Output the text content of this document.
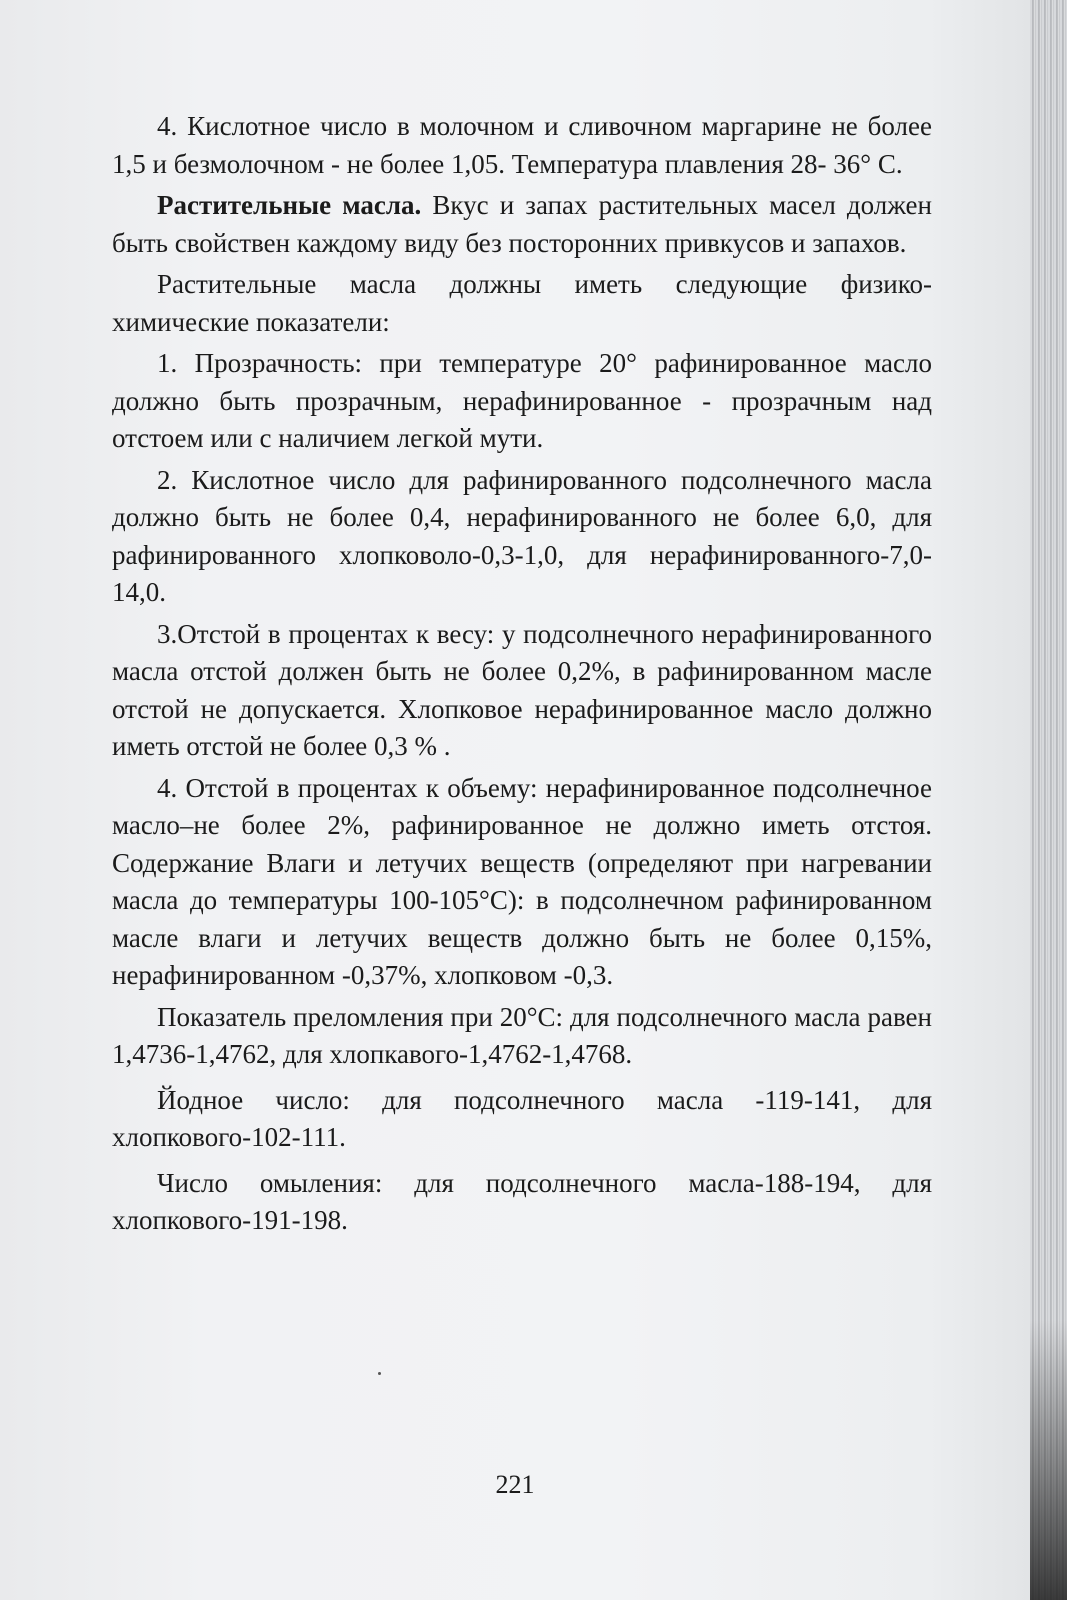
4. Кислотное число в молочном и сливочном маргарине не более 1,5 и безмолочном - не более 1,05. Температура плавления 28- 36° С.

Растительные масла. Вкус и запах растительных масел должен быть свойствен каждому виду без посторонних привкусов и запахов.

Растительные масла должны иметь следующие физико-химические показатели:

1. Прозрачность: при температуре 20° рафинированное масло должно быть прозрачным, нерафинированное - прозрачным над отстоем или с наличием легкой мути.

2. Кислотное число для рафинированного подсолнечного масла должно быть не более 0,4, нерафинированного не более 6,0, для рафинированного хлопковоло-0,3-1,0, для нерафинированного-7,0-14,0.

3.Отстой в процентах к весу: у подсолнечного нерафинированного масла отстой должен быть не более 0,2%, в рафинированном масле отстой не допускается. Хлопковое нерафинированное масло должно иметь отстой не более 0,3 % .

4. Отстой в процентах к объему: нерафинированное подсолнечное масло–не более 2%, рафинированное не должно иметь отстоя. Содержание Влаги и летучих веществ (определяют при нагревании масла до температуры 100-105°С): в подсолнечном рафинированном масле влаги и летучих веществ должно быть не более 0,15%, нерафинированном -0,37%, хлопковом -0,3.

Показатель преломления при 20°С: для подсолнечного масла равен 1,4736-1,4762, для хлопкавого-1,4762-1,4768.

Йодное число: для подсолнечного масла -119-141, для хлопкового-102-111.

Число омыления: для подсолнечного масла-188-194, для хлопкового-191-198.

221
